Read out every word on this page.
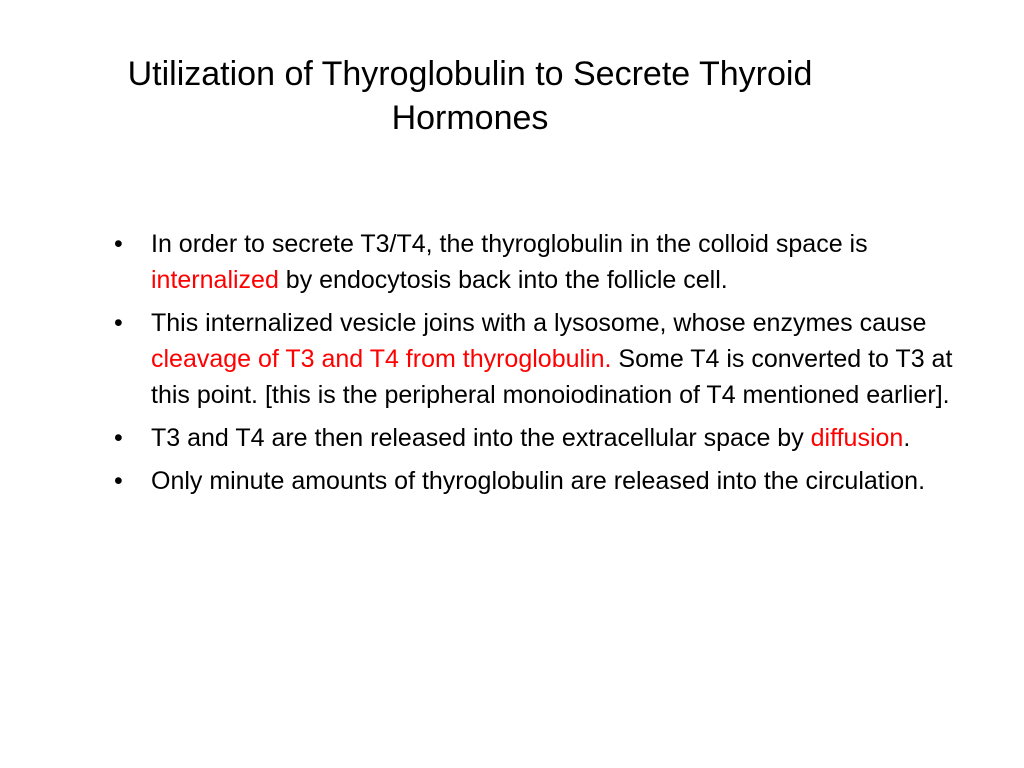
Utilization of Thyroglobulin to Secrete Thyroid
Hormones
• In order to secrete T3/T4, the thyroglobulin in the colloid space is internalized by endocytosis back into the follicle cell.
• This internalized vesicle joins with a lysosome, whose enzymes cause cleavage of T3 and T4 from thyroglobulin. Some T4 is converted to T3 at this point. [this is the peripheral monoiodination of T4 mentioned earlier].
• T3 and T4 are then released into the extracellular space by diffusion.
• Only minute amounts of thyroglobulin are released into the circulation.
